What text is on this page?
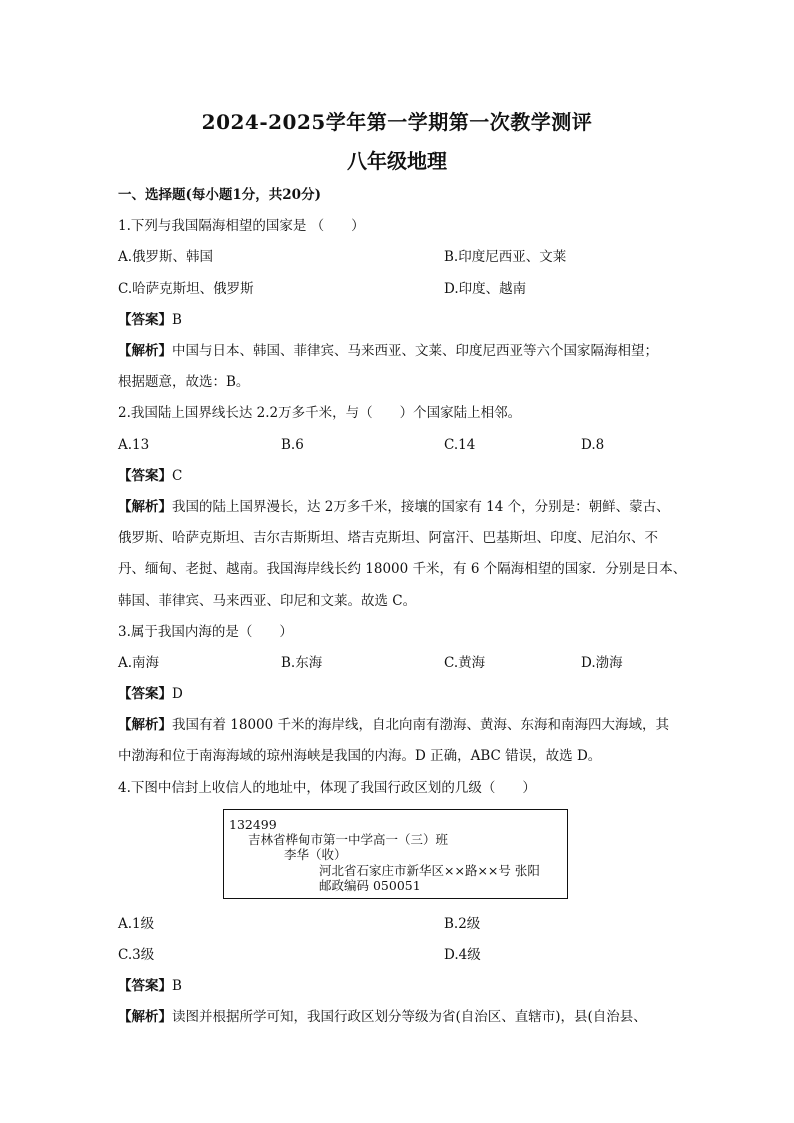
2024-2025学年第一学期第一次教学测评
八年级地理
一、选择题(每小题1分，共20分)
1.下列与我国隔海相望的国家是 （　　）
A.俄罗斯、韩国	B.印度尼西亚、文莱
C.哈萨克斯坦、俄罗斯	D.印度、越南
【答案】B
【解析】中国与日本、韩国、菲律宾、马来西亚、文莱、印度尼西亚等六个国家隔海相望；
根据题意，故选：B。
2.我国陆上国界线长达 2.2万多千米，与（　　）个国家陆上相邻。
A.13	B.6	C.14	D.8
【答案】C
【解析】我国的陆上国界漫长，达 2万多千米，接壤的国家有 14 个，分别是：朝鲜、蒙古、
俄罗斯、哈萨克斯坦、吉尔吉斯斯坦、塔吉克斯坦、阿富汗、巴基斯坦、印度、尼泊尔、不
丹、缅甸、老挝、越南。我国海岸线长约 18000 千米，有 6 个隔海相望的国家．分别是日本、
韩国、菲律宾、马来西亚、印尼和文莱。故选 C。
3.属于我国内海的是（　　）
A.南海	B.东海	C.黄海	D.渤海
【答案】D
【解析】我国有着 18000 千米的海岸线，自北向南有渤海、黄海、东海和南海四大海域，其
中渤海和位于南海海域的琼州海峡是我国的内海。D 正确，ABC 错误，故选 D。
4.下图中信封上收信人的地址中，体现了我国行政区划的几级（　　）
132499
吉林省桦甸市第一中学高一（三）班
李华（收）
河北省石家庄市新华区××路××号 张阳
邮政编码 050051
A.1级	B.2级
C.3级	D.4级
【答案】B
【解析】读图并根据所学可知，我国行政区划分等级为省(自治区、直辖市)，县(自治县、
